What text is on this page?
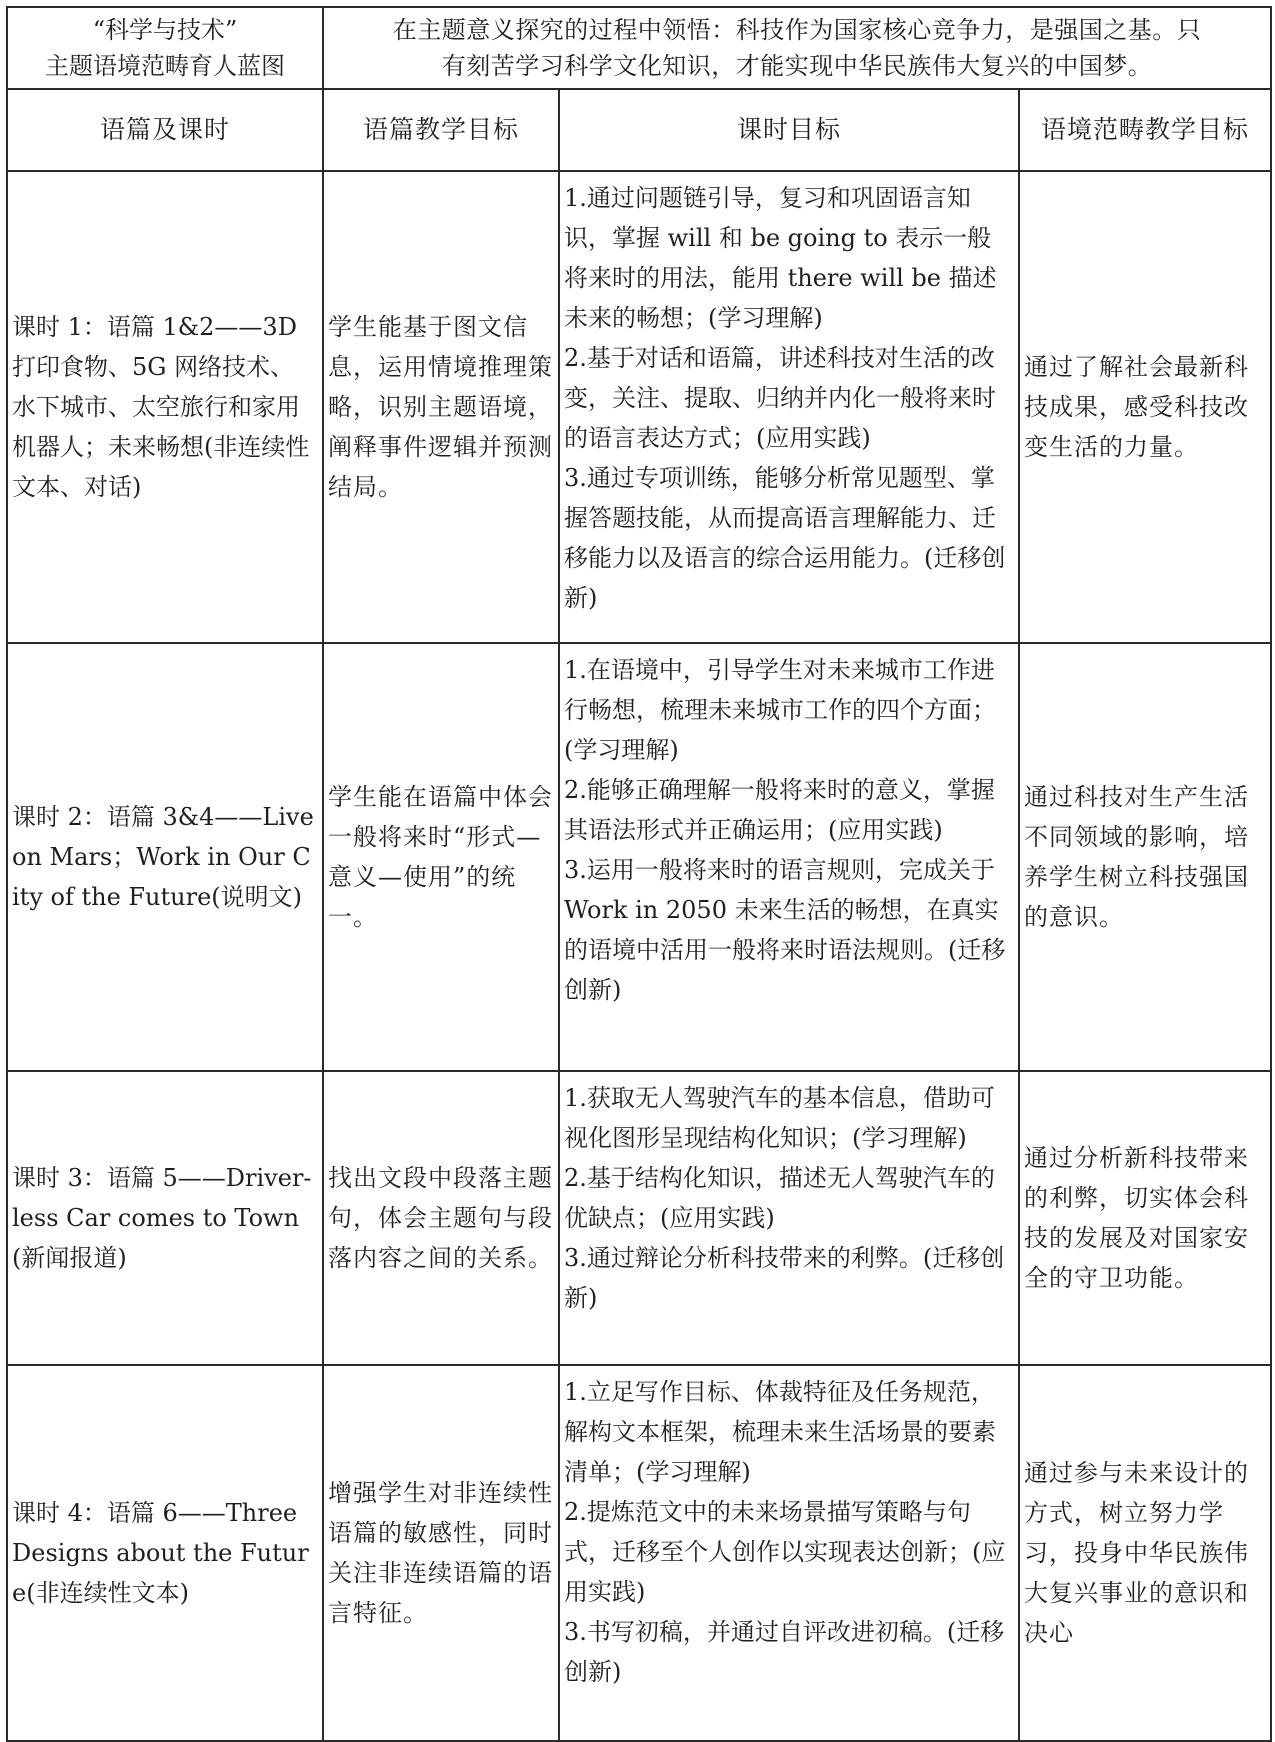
“科学与技术”
主题语境范畴育人蓝图	在主题意义探究的过程中领悟：科技作为国家核心竞争力，是强国之基。只
有刻苦学习科学文化知识，才能实现中华民族伟大复兴的中国梦。		

语篇及课时	语篇教学目标	课时目标	语境范畴教学目标
课时 1：语篇 1&2——3D 打印食物、5G 网络技术、水下城市、太空旅行和家用机器人；未来畅想(非连续性文本、对话)	学生能基于图文信息，运用情境推理策略，识别主题语境，阐释事件逻辑并预测结局。	1.通过问题链引导，复习和巩固语言知识，掌握 will 和 be going to 表示一般将来时的用法，能用 there will be 描述未来的畅想；(学习理解)
2.基于对话和语篇，讲述科技对生活的改变，关注、提取、归纳并内化一般将来时的语言表达方式；(应用实践)
3.通过专项训练，能够分析常见题型、掌握答题技能，从而提高语言理解能力、迁移能力以及语言的综合运用能力。(迁移创新)	通过了解社会最新科技成果，感受科技改变生活的力量。
课时 2：语篇 3&4——Live on Mars；Work in Our City of the Future(说明文)	学生能在语篇中体会一般将来时“形式—意义—使用”的统一。	1.在语境中，引导学生对未来城市工作进行畅想，梳理未来城市工作的四个方面；(学习理解)
2.能够正确理解一般将来时的意义，掌握其语法形式并正确运用；(应用实践)
3.运用一般将来时的语言规则，完成关于 Work in 2050 未来生活的畅想，在真实的语境中活用一般将来时语法规则。(迁移创新)	通过科技对生产生活不同领域的影响，培养学生树立科技强国的意识。
课时 3：语篇 5——Driver-less Car comes to Town(新闻报道)	找出文段中段落主题句，体会主题句与段落内容之间的关系。	1.获取无人驾驶汽车的基本信息，借助可视化图形呈现结构化知识；(学习理解)
2.基于结构化知识，描述无人驾驶汽车的优缺点；(应用实践)
3.通过辩论分析科技带来的利弊。(迁移创新)	通过分析新科技带来的利弊，切实体会科技的发展及对国家安全的守卫功能。
课时 4：语篇 6——Three Designs about the Future(非连续性文本)	增强学生对非连续性语篇的敏感性，同时关注非连续语篇的语言特征。	1.立足写作目标、体裁特征及任务规范，解构文本框架，梳理未来生活场景的要素清单；(学习理解)
2.提炼范文中的未来场景描写策略与句式，迁移至个人创作以实现表达创新；(应用实践)
3.书写初稿，并通过自评改进初稿。(迁移创新)	通过参与未来设计的方式，树立努力学习，投身中华民族伟大复兴事业的意识和决心
